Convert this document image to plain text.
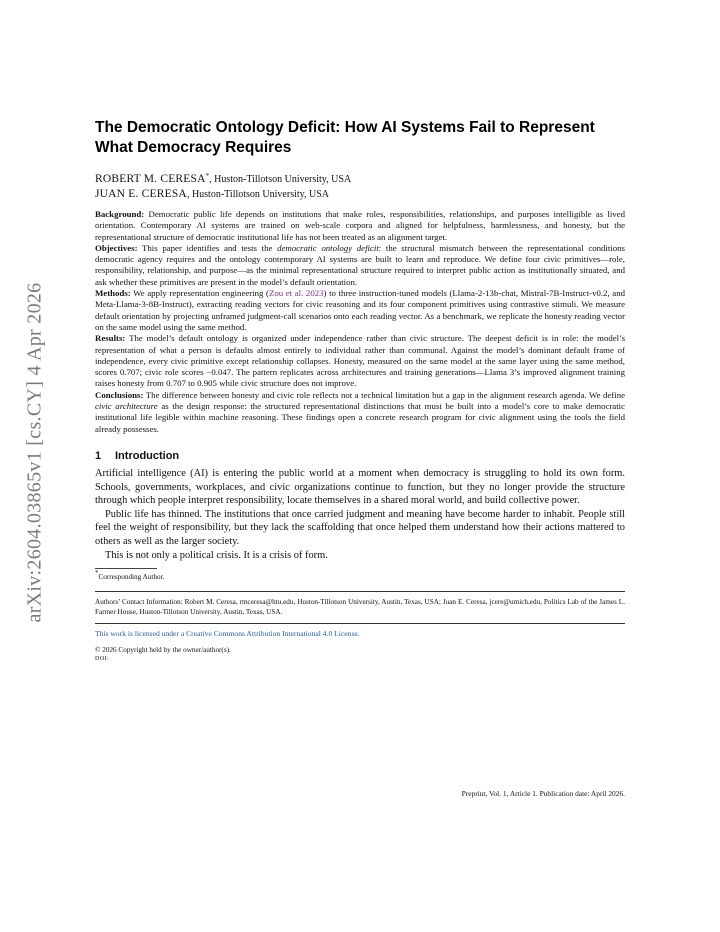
arXiv:2604.03865v1 [cs.CY] 4 Apr 2026
The Democratic Ontology Deficit: How AI Systems Fail to Represent What Democracy Requires
ROBERT M. CERESA*, Huston-Tillotson University, USA
JUAN E. CERESA, Huston-Tillotson University, USA

Background: Democratic public life depends on institutions that make roles, responsibilities, relationships, and purposes intelligible as lived orientation. Contemporary AI systems are trained on web-scale corpora and aligned for helpfulness, harmlessness, and honesty, but the representational structure of democratic institutional life has not been treated as an alignment target.

Objectives: This paper identifies and tests the democratic ontology deficit: the structural mismatch between the representational conditions democratic agency requires and the ontology contemporary AI systems are built to learn and reproduce. We define four civic primitives—role, responsibility, relationship, and purpose—as the minimal representational structure required to interpret public action as institutionally situated, and ask whether these primitives are present in the model’s default orientation.

Methods: We apply representation engineering (Zou et al. 2023) to three instruction-tuned models (Llama-2-13b-chat, Mistral-7B-Instruct-v0.2, and Meta-Llama-3-8B-Instruct), extracting reading vectors for civic reasoning and its four component primitives using contrastive stimuli. We measure default orientation by projecting unframed judgment-call scenarios onto each reading vector. As a benchmark, we replicate the honesty reading vector on the same model using the same method.

Results: The model’s default ontology is organized under independence rather than civic structure. The deepest deficit is in role: the model’s representation of what a person is defaults almost entirely to individual rather than communal. Against the model’s dominant default frame of independence, every civic primitive except relationship collapses. Honesty, measured on the same model at the same layer using the same method, scores 0.707; civic role scores −0.047. The pattern replicates across architectures and training generations—Llama 3’s improved alignment training raises honesty from 0.707 to 0.905 while civic structure does not improve.

Conclusions: The difference between honesty and civic role reflects not a technical limitation but a gap in the alignment research agenda. We define civic architecture as the design response: the structured representational distinctions that must be built into a model’s core to make democratic institutional life legible within machine reasoning. These findings open a concrete research program for civic alignment using the tools the field already possesses.

1 Introduction

Artificial intelligence (AI) is entering the public world at a moment when democracy is struggling to hold its own form. Schools, governments, workplaces, and civic organizations continue to function, but they no longer provide the structure through which people interpret responsibility, locate themselves in a shared moral world, and build collective power.

Public life has thinned. The institutions that once carried judgment and meaning have become harder to inhabit. People still feel the weight of responsibility, but they lack the scaffolding that once helped them understand how their actions mattered to others as well as the larger society.

This is not only a political crisis. It is a crisis of form.

*Corresponding Author.
Authors’ Contact Information: Robert M. Ceresa, rmceresa@htu.edu, Huston-Tillotson University, Austin, Texas, USA; Juan E. Ceresa, jcere@umich.edu, Politics Lab of the James L. Farmer House, Huston-Tillotson University, Austin, Texas, USA.
This work is licensed under a Creative Commons Attribution International 4.0 License.
© 2026 Copyright held by the owner/author(s).
DOI:
Preprint, Vol. 1, Article 1. Publication date: April 2026.
